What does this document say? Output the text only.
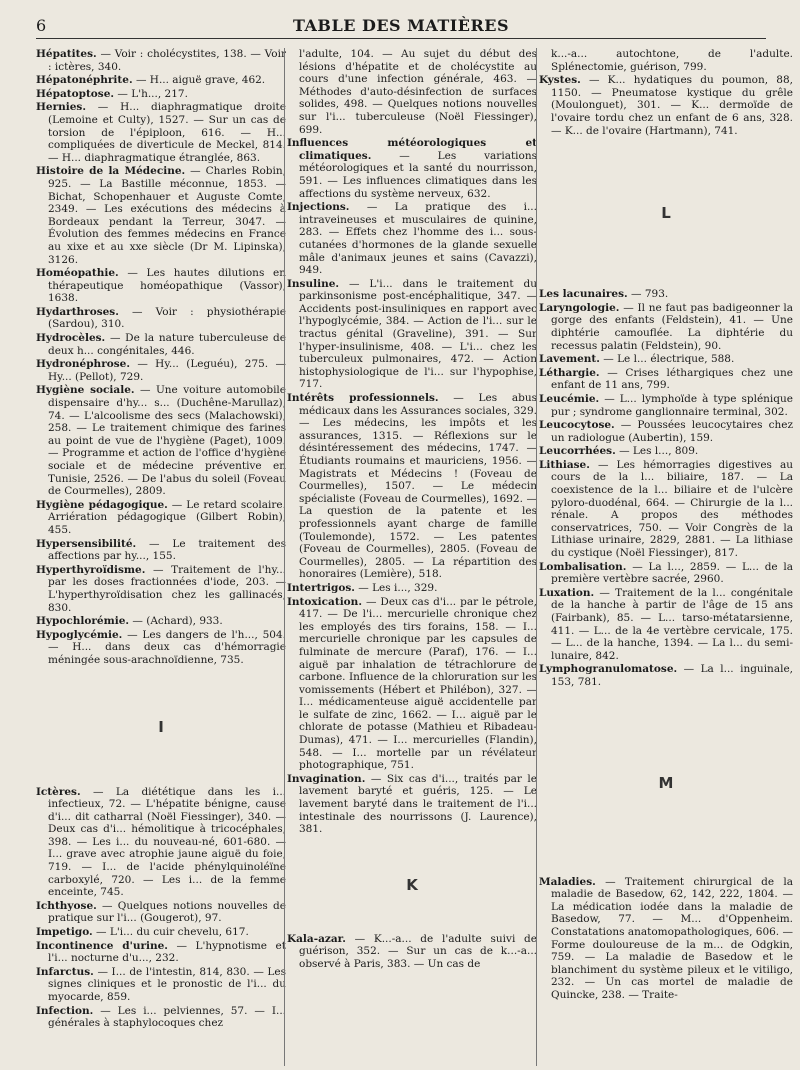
6	TABLE DES MATIÈRES

Hépatites. — Voir : cholécystites, 138. — Voir : ictères, 340.

Hépatonéphrite. — H... aiguë grave, 462.

Hépatoptose. — L'h..., 217.

Hernies. — H... diaphragmatique droite (Lemoine et Culty), 1527. — Sur un cas de torsion de l'épiploon, 616. — H... compliquées de diverticule de Meckel, 814. — H... diaphragmatique étranglée, 863.

Histoire de la Médecine. — Charles Robin, 925. — La Bastille méconnue, 1853. — Bichat, Schopenhauer et Auguste Comte, 2349. — Les exécutions des médecins à Bordeaux pendant la Terreur, 3047. — Évolution des femmes médecins en France au xixe et au xxe siècle (Dr M. Lipinska), 3126.

Homéopathie. — Les hautes dilutions en thérapeutique homéopathique (Vassor), 1638.

Hydarthroses. — Voir : physiothérapie (Sardou), 310.

Hydrocèles. — De la nature tuberculeuse de deux h... congénitales, 446.

Hydronéphrose. — Hy... (Leguéu), 275. — Hy... (Pellot), 729.

Hygiène sociale. — Une voiture automobile dispensaire d'hy... s... (Duchêne-Marullaz), 74. — L'alcoolisme des secs (Malachowski), 258. — Le traitement chimique des farines au point de vue de l'hygiène (Paget), 1009. — Programme et action de l'office d'hygiène sociale et de médecine préventive en Tunisie, 2526. — De l'abus du soleil (Foveau de Courmelles), 2809.

Hygiène pédagogique. — Le retard scolaire. Arriération pédagogique (Gilbert Robin), 455.

Hypersensibilité. — Le traitement des affections par hy..., 155.

Hyperthyroïdisme. — Traitement de l'hy... par les doses fractionnées d'iode, 203. — L'hyperthyroïdisation chez les gallinacés, 830.

Hypochlorémie. — (Achard), 933.

Hypoglycémie. — Les dangers de l'h..., 504. — H... dans deux cas d'hémorragie méningée sous-arachnoïdienne, 735.

I

Ictères. — La diététique dans les i... infectieux, 72. — L'hépatite bénigne, cause d'i... dit catharral (Noël Fiessinger), 340. — Deux cas d'i... hémolitique à tricocéphales, 398. — Les i... du nouveau-né, 601-680. — I... grave avec atrophie jaune aiguë du foie, 719. — I... de l'acide phénylquinoléïne carboxylé, 720. — Les i... de la femme enceinte, 745.

Ichthyose. — Quelques notions nouvelles de pratique sur l'i... (Gougerot), 97.

Impetigo. — L'i... du cuir chevelu, 617.

Incontinence d'urine. — L'hypnotisme et l'i... nocturne d'u..., 232.

Infarctus. — I... de l'intestin, 814, 830. — Les signes cliniques et le pronostic de l'i... du myocarde, 859.

Infection. — Les i... pelviennes, 57. — I... générales à staphylocoques chez

l'adulte, 104. — Au sujet du début des lésions d'hépatite et de cholécystite au cours d'une infection générale, 463. — Méthodes d'auto-désinfection de surfaces solides, 498. — Quelques notions nouvelles sur l'i... tuberculeuse (Noël Fiessinger), 699.

Influences météorologiques et climatiques. — Les variations météorologiques et la santé du nourrisson, 591. — Les influences climatiques dans les affections du système nerveux, 632.

Injections. — La pratique des i... intraveineuses et musculaires de quinine, 283. — Effets chez l'homme des i... sous-cutanées d'hormones de la glande sexuelle mâle d'animaux jeunes et sains (Cavazzi), 949.

Insuline. — L'i... dans le traitement du parkinsonisme post-encéphalitique, 347. — Accidents post-insuliniques en rapport avec l'hypoglycémie, 384. — Action de l'i... sur le tractus génital (Graveline), 391. — Sur l'hyper-insulinisme, 408. — L'i... chez les tuberculeux pulmonaires, 472. — Action histophysiologique de l'i... sur l'hypophise, 717.

Intérêts professionnels. — Les abus médicaux dans les Assurances sociales, 329. — Les médecins, les impôts et les assurances, 1315. — Réflexions sur le désintéressement des médecins, 1747. — Étudiants roumains et mauriciens, 1956. — Magistrats et Médecins ! (Foveau de Courmelles), 1507. — Le médecin spécialiste (Foveau de Courmelles), 1692. — La question de la patente et les professionnels ayant charge de famille (Toulemonde), 1572. — Les patentes (Foveau de Courmelles), 2805. (Foveau de Courmelles), 2805. — La répartition des honoraires (Lemière), 518.

Intertrigos. — Les i..., 329.

Intoxication. — Deux cas d'i... par le pétrole, 417. — De l'i... mercurielle chronique chez les employés des tirs forains, 158. — I... mercurielle chronique par les capsules de fulminate de mercure (Paraf), 176. — I... aiguë par inhalation de tétrachlorure de carbone. Influence de la chloruration sur les vomissements (Hébert et Philébon), 327. — I... médicamenteuse aiguë accidentelle par le sulfate de zinc, 1662. — I... aiguë par le chlorate de potasse (Mathieu et Ribadeau-Dumas), 471. — I... mercurielles (Flandin), 548. — I... mortelle par un révélateur photographique, 751.

Invagination. — Six cas d'i..., traités par le lavement baryté et guéris, 125. — Le lavement baryté dans le traitement de l'i... intestinale des nourrissons (J. Laurence), 381.

K

Kala-azar. — K...-a... de l'adulte suivi de guérison, 352. — Sur un cas de k...-a... observé à Paris, 383. — Un cas de

k...-a... autochtone, de l'adulte. Splénectomie, guérison, 799.

Kystes. — K... hydatiques du poumon, 88, 1150. — Pneumatose kystique du grêle (Moulonguet), 301. — K... dermoïde de l'ovaire tordu chez un enfant de 6 ans, 328. — K... de l'ovaire (Hartmann), 741.

L

Les lacunaires. — 793.

Laryngologie. — Il ne faut pas badigeonner la gorge des enfants (Feldstein), 41. — Une diphtérie camouflée. La diphtérie du recessus palatin (Feldstein), 90.

Lavement. — Le l... électrique, 588.

Léthargie. — Crises léthargiques chez une enfant de 11 ans, 799.

Leucémie. — L... lymphoïde à type splénique pur ; syndrome ganglionnaire terminal, 302.

Leucocytose. — Poussées leucocytaires chez un radiologue (Aubertin), 159.

Leucorrhées. — Les l..., 809.

Lithiase. — Les hémorragies digestives au cours de la l... biliaire, 187. — La coexistence de la l... biliaire et de l'ulcère pyloro-duodénal, 664. — Chirurgie de la l... rénale. A propos des méthodes conservatrices, 750. — Voir Congrès de la Lithiase urinaire, 2829, 2881. — La lithiase du cystique (Noël Fiessinger), 817.

Lombalisation. — La l..., 2859. — L... de la première vertèbre sacrée, 2960.

Luxation. — Traitement de la l... congénitale de la hanche à partir de l'âge de 15 ans (Fairbank), 85. — L... tarso-métatarsienne, 411. — L... de la 4e vertèbre cervicale, 175. — L... de la hanche, 1394. — La l... du semi-lunaire, 842.

Lymphogranulomatose. — La l... inguinale, 153, 781.

M

Maladies. — Traitement chirurgical de la maladie de Basedow, 62, 142, 222, 1804. — La médication iodée dans la maladie de Basedow, 77. — M... d'Oppenheim. Constatations anatomopathologiques, 606. — Forme douloureuse de la m... de Odgkin, 759. — La maladie de Basedow et le blanchiment du système pileux et le vitiligo, 232. — Un cas mortel de maladie de Quincke, 238. — Traite-
